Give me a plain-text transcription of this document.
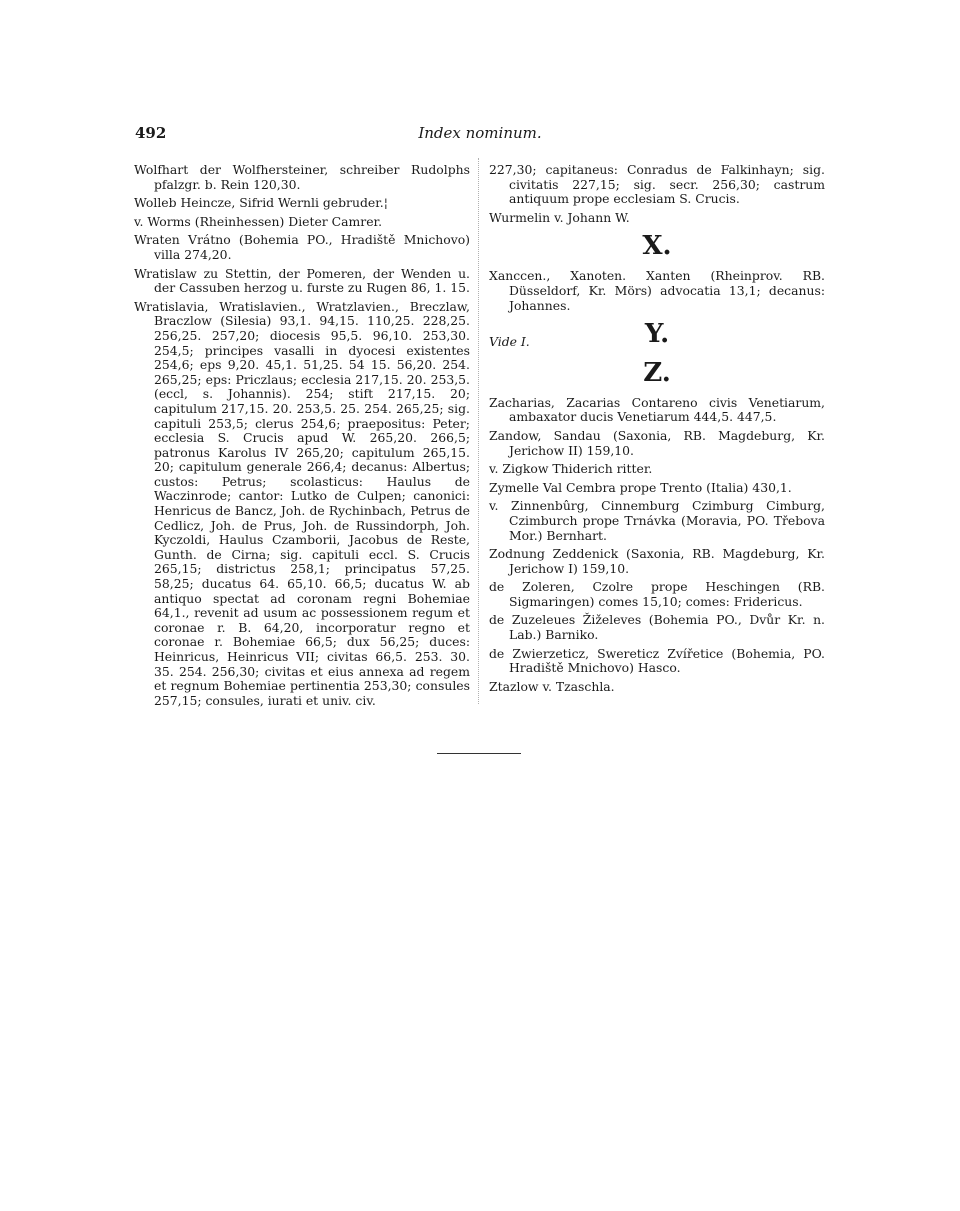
492	Index nominum.

Wolfhart der Wolfhersteiner, schreiber Rudolphs pfalzgr. b. Rein 120,30.

Wolleb Heincze, Sifrid Wernli gebruder.¦

v. Worms (Rheinhessen) Dieter Camrer.

Wraten Vrátno (Bohemia PO., Hradiště Mnichovo) villa 274,20.

Wratislaw zu Stettin, der Pomeren, der Wenden u. der Cassuben herzog u. furste zu Rugen 86, 1. 15.

Wratislavia, Wratislavien., Wratzlavien., Breczlaw, Braczlow (Silesia) 93,1. 94,15. 110,25. 228,25. 256,25. 257,20; diocesis 95,5. 96,10. 253,30. 254,5; principes vasalli in dyocesi existentes 254,6; eps 9,20. 45,1. 51,25. 54 15. 56,20. 254. 265,25; eps: Priczlaus; ecclesia 217,15. 20. 253,5. (eccl, s. Johannis). 254; stift 217,15. 20; capitulum 217,15. 20. 253,5. 25. 254. 265,25; sig. capituli 253,5; clerus 254,6; praepositus: Peter; ecclesia S. Crucis apud W. 265,20. 266,5; patronus Karolus IV 265,20; capitulum 265,15. 20; capitulum generale 266,4; decanus: Albertus; custos: Petrus; scolasticus: Haulus de Waczinrode; cantor: Lutko de Culpen; canonici: Henricus de Bancz, Joh. de Rychinbach, Petrus de Cedlicz, Joh. de Prus, Joh. de Russindorph, Joh. Kyczoldi, Haulus Czamborii, Jacobus de Reste, Gunth. de Cirna; sig. capituli eccl. S. Crucis 265,15; districtus 258,1; principatus 57,25. 58,25; ducatus 64. 65,10. 66,5; ducatus W. ab antiquo spectat ad coronam regni Bohemiae 64,1., revenit ad usum ac possessionem regum et coronae r. B. 64,20, incorporatur regno et coronae r. Bohemiae 66,5; dux 56,25; duces: Heinricus, Heinricus VII; civitas 66,5. 253. 30. 35. 254. 256,30; civitas et eius annexa ad regem et regnum Bohemiae pertinentia 253,30; consules 257,15; consules, iurati et univ. civ.

227,30; capitaneus: Conradus de Falkinhayn; sig. civitatis 227,15; sig. secr. 256,30; castrum antiquum prope ecclesiam S. Crucis.

Wurmelin v. Johann W.

X.

Xanccen., Xanoten. Xanten (Rheinprov. RB. Düsseldorf, Kr. Mörs) advocatia 13,1; decanus: Johannes.

Y.

Vide I.

Z.

Zacharias, Zacarias Contareno civis Venetiarum, ambaxator ducis Venetiarum 444,5. 447,5.

Zandow, Sandau (Saxonia, RB. Magdeburg, Kr. Jerichow II) 159,10.

v. Zigkow Thiderich ritter.

Zymelle Val Cembra prope Trento (Italia) 430,1.

v. Zinnenbûrg, Cinnemburg Czimburg Cimburg, Czimburch prope Trnávka (Moravia, PO. Třebova Mor.) Bernhart.

Zodnung Zeddenick (Saxonia, RB. Magdeburg, Kr. Jerichow I) 159,10.

de Zoleren, Czolre prope Heschingen (RB. Sigmaringen) comes 15,10; comes: Fridericus.

de Zuzeleues Žiželeves (Bohemia PO., Dvůr Kr. n. Lab.) Barniko.

de Zwierzeticz, Swereticz Zvířetice (Bohemia, PO. Hradiště Mnichovo) Hasco.

Ztazlow v. Tzaschla.
